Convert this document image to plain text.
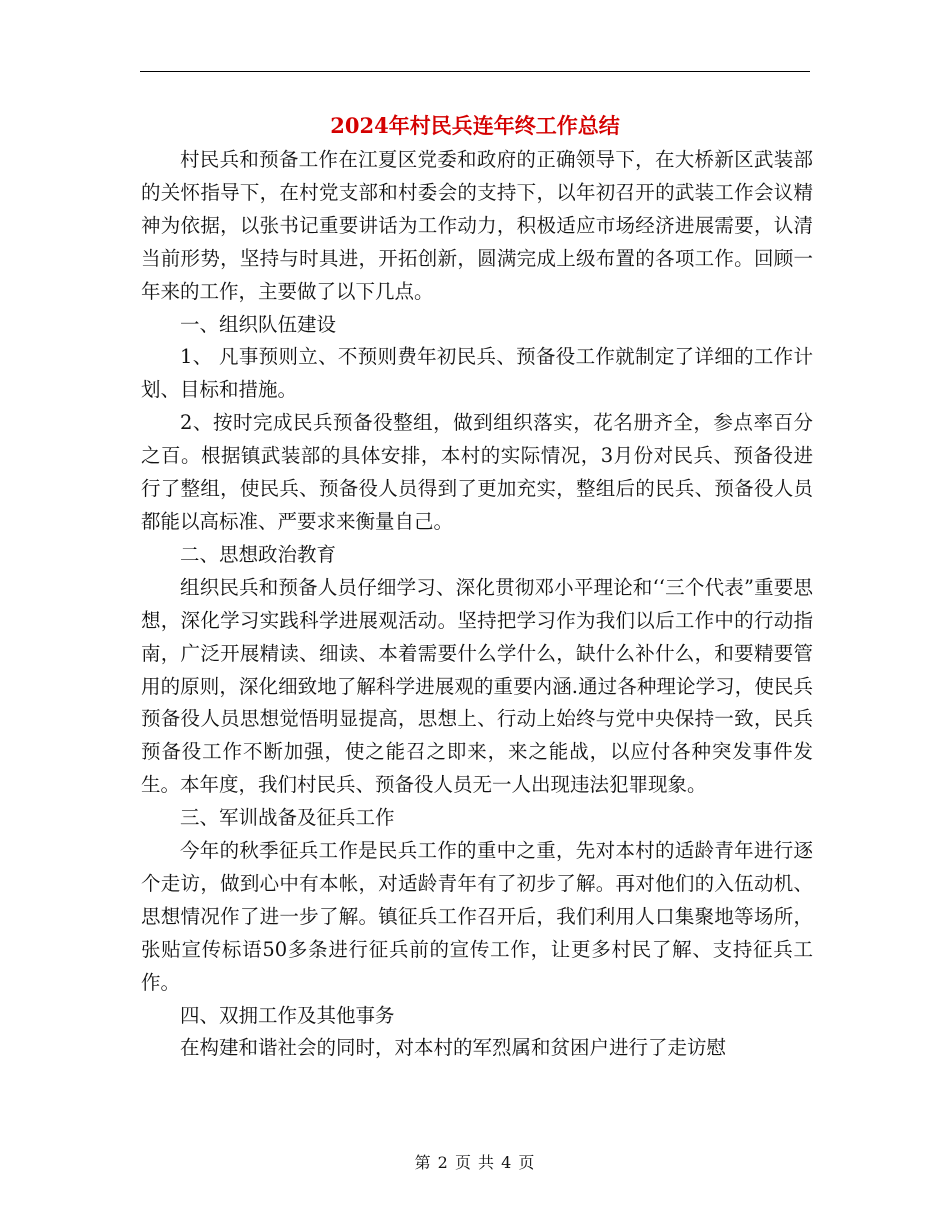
2024年村民兵连年终工作总结

村民兵和预备工作在江夏区党委和政府的正确领导下，在大桥新区武装部的关怀指导下，在村党支部和村委会的支持下，以年初召开的武装工作会议精神为依据，以张书记重要讲话为工作动力，积极适应市场经济进展需要，认清当前形势，坚持与时具进，开拓创新，圆满完成上级布置的各项工作。回顾一年来的工作，主要做了以下几点。

一、组织队伍建设

1、 凡事预则立、不预则费年初民兵、预备役工作就制定了详细的工作计划、目标和措施。

2、按时完成民兵预备役整组，做到组织落实，花名册齐全，参点率百分之百。根据镇武装部的具体安排，本村的实际情况，3月份对民兵、预备役进行了整组，使民兵、预备役人员得到了更加充实，整组后的民兵、预备役人员都能以高标准、严要求来衡量自己。

二、思想政治教育

组织民兵和预备人员仔细学习、深化贯彻邓小平理论和‘‘三个代表”重要思想，深化学习实践科学进展观活动。坚持把学习作为我们以后工作中的行动指南，广泛开展精读、细读、本着需要什么学什么，缺什么补什么，和要精要管用的原则，深化细致地了解科学进展观的重要内涵.通过各种理论学习，使民兵预备役人员思想觉悟明显提高，思想上、行动上始终与党中央保持一致，民兵预备役工作不断加强，使之能召之即来，来之能战，以应付各种突发事件发生。本年度，我们村民兵、预备役人员无一人出现违法犯罪现象。

三、军训战备及征兵工作

今年的秋季征兵工作是民兵工作的重中之重，先对本村的适龄青年进行逐个走访，做到心中有本帐，对适龄青年有了初步了解。再对他们的入伍动机、思想情况作了进一步了解。镇征兵工作召开后，我们利用人口集聚地等场所，张贴宣传标语50多条进行征兵前的宣传工作，让更多村民了解、支持征兵工作。

四、双拥工作及其他事务

在构建和谐社会的同时，对本村的军烈属和贫困户进行了走访慰

第 2 页 共 4 页
